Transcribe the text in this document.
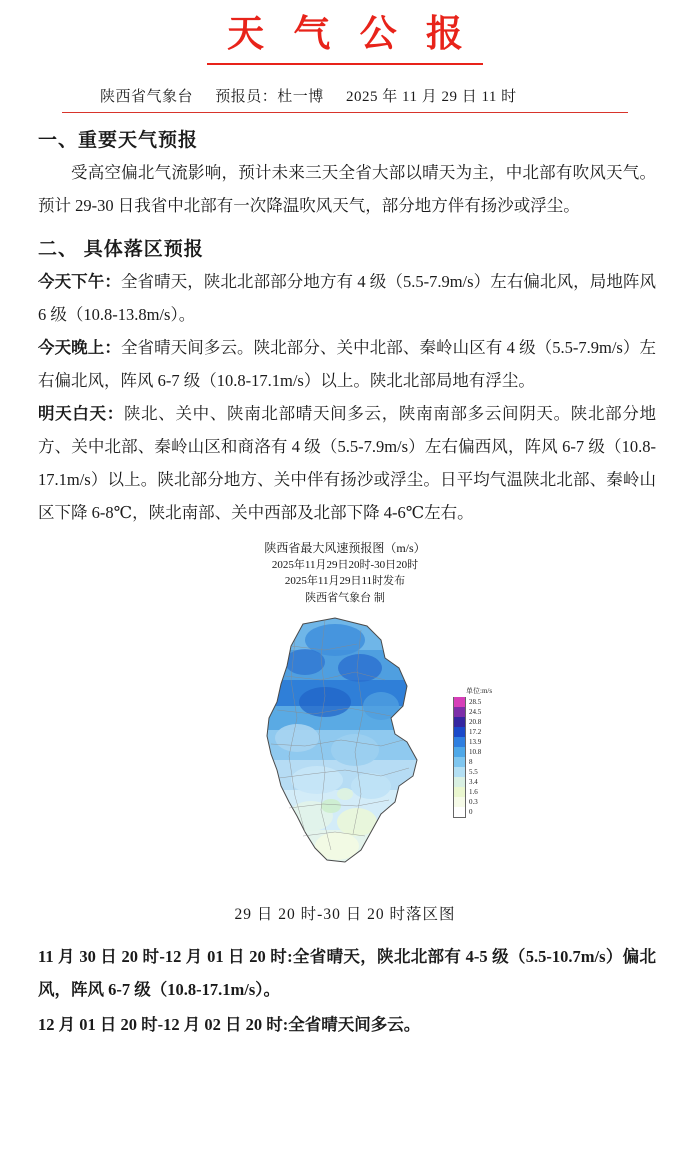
天 气 公 报
陕西省气象台 预报员：杜一博 2025 年 11 月 29 日 11 时
一、重要天气预报
受高空偏北气流影响，预计未来三天全省大部以晴天为主，中北部有吹风天气。预计 29-30 日我省中北部有一次降温吹风天气，部分地方伴有扬沙或浮尘。
二、 具体落区预报
今天下午：全省晴天，陕北北部部分地方有 4 级（5.5-7.9m/s）左右偏北风，局地阵风 6 级（10.8-13.8m/s）。
今天晚上：全省晴天间多云。陕北部分、关中北部、秦岭山区有 4 级（5.5-7.9m/s）左右偏北风，阵风 6-7 级（10.8-17.1m/s）以上。陕北北部局地有浮尘。
明天白天：陕北、关中、陕南北部晴天间多云，陕南南部多云间阴天。陕北部分地方、关中北部、秦岭山区和商洛有 4 级（5.5-7.9m/s）左右偏西风，阵风 6-7 级（10.8-17.1m/s）以上。陕北部分地方、关中伴有扬沙或浮尘。日平均气温陕北北部、秦岭山区下降 6-8℃，陕北南部、关中西部及北部下降 4-6℃左右。
陕西省最大风速预报图（m/s）
2025年11月29日20时-30日20时
2025年11月29日11时发布
陕西省气象台 制
单位:m/s
28.5
24.5
20.8
17.2
13.9
10.8
8
5.5
3.4
1.6
0.3
0
29 日 20 时-30 日 20 时落区图
11 月 30 日 20 时-12 月 01 日 20 时:全省晴天，陕北北部有 4-5 级（5.5-10.7m/s）偏北风，阵风 6-7 级（10.8-17.1m/s）。
12 月 01 日 20 时-12 月 02 日 20 时:全省晴天间多云。
